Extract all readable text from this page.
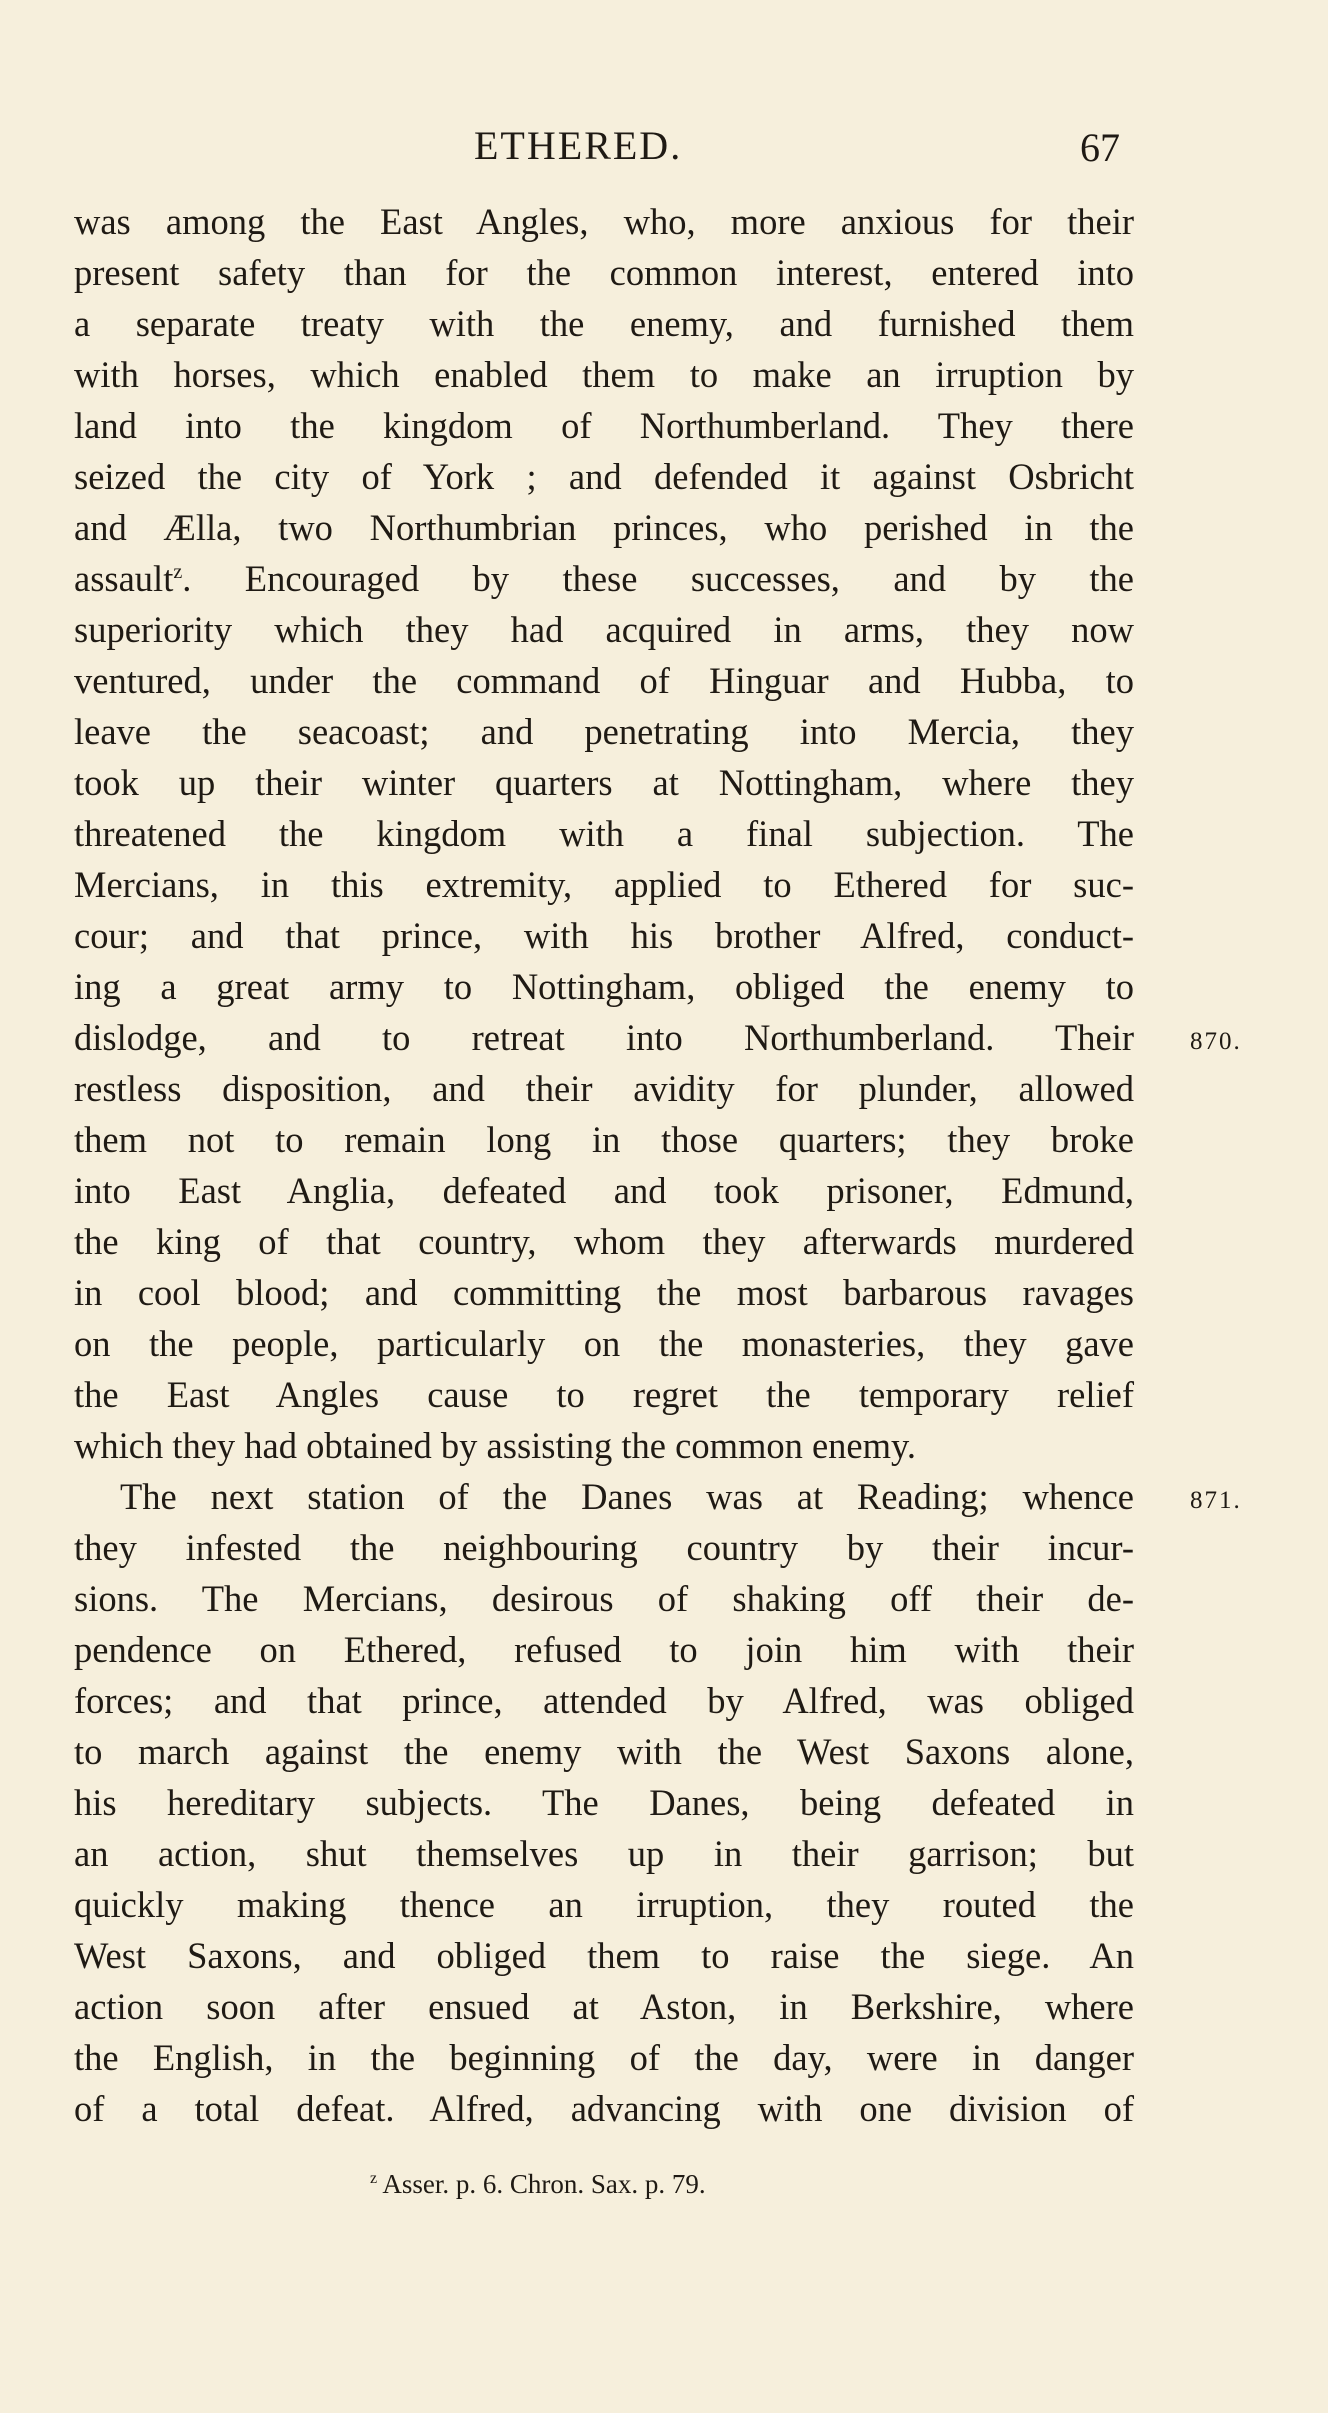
ETHERED.	67
was among the East Angles, who, more anxious for their
present safety than for the common interest, entered into
a separate treaty with the enemy, and furnished them
with horses, which enabled them to make an irruption by
land into the kingdom of Northumberland. They there
seized the city of York ; and defended it against Osbricht
and Ælla, two Northumbrian princes, who perished in the
assault$^z$. Encouraged by these successes, and by the
superiority which they had acquired in arms, they now
ventured, under the command of Hinguar and Hubba, to
leave the seacoast; and penetrating into Mercia, they
took up their winter quarters at Nottingham, where they
threatened the kingdom with a final subjection. The
Mercians, in this extremity, applied to Ethered for suc-
cour; and that prince, with his brother Alfred, conduct-
ing a great army to Nottingham, obliged the enemy to
dislodge, and to retreat into Northumberland. Their
restless disposition, and their avidity for plunder, allowed
them not to remain long in those quarters; they broke
into East Anglia, defeated and took prisoner, Edmund,
the king of that country, whom they afterwards murdered
in cool blood; and committing the most barbarous ravages
on the people, particularly on the monasteries, they gave
the East Angles cause to regret the temporary relief
which they had obtained by assisting the common enemy.
The next station of the Danes was at Reading; whence
they infested the neighbouring country by their incur-
sions. The Mercians, desirous of shaking off their de-
pendence on Ethered, refused to join him with their
forces; and that prince, attended by Alfred, was obliged
to march against the enemy with the West Saxons alone,
his hereditary subjects. The Danes, being defeated in
an action, shut themselves up in their garrison; but
quickly making thence an irruption, they routed the
West Saxons, and obliged them to raise the siege. An
action soon after ensued at Aston, in Berkshire, where
the English, in the beginning of the day, were in danger
of a total defeat. Alfred, advancing with one division of
870.
871.
$^z$ Asser. p. 6. Chron. Sax. p. 79.
